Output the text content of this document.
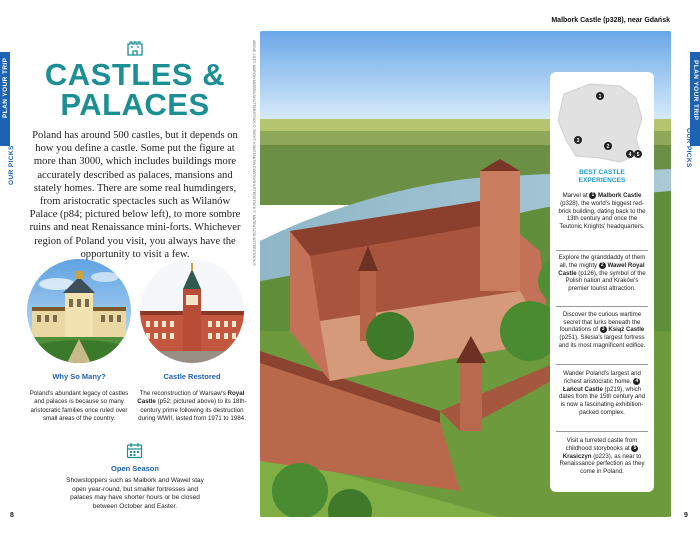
PLAN YOUR TRIP
OUR PICKS
PLAN YOUR TRIP
OUR PICKS
CASTLES &
PALACES
Poland has around 500 castles, but it depends on how you define a castle. Some put the figure at more than 3000, which includes buildings more accurately described as palaces, mansions and stately homes. There are some real humdingers, from aristocratic spectacles such as Wilanów Palace (p84; pictured below left), to more sombre ruins and neat Renaissance mini-forts. Whichever region of Poland you visit, you always have the opportunity to visit a few.
Why So Many?
Poland's abundant legacy of castles and palaces is because so many aristocratic families once ruled over small areas of the country.
Castle Restored
The reconstruction of Warsaw's Royal Castle (p52; pictured above) to its 18th-century prime following its destruction during WWII, lasted from 1971 to 1984.
Open Season
Showstoppers such as Malbork and Wawel stay open year-round, but smaller fortresses and palaces may have shorter hours or be closed between October and Easter.
8	9
Malbork Castle (p328), near Gdańsk
ABOVE: LEFT: MARCIN MIZERA/SHUTTERSTOCK ©, RIGHT: KONSTANTIN DORTO/SHUTTERSTOCK ©, MATEUSZ/SHUTTERSTOCK ©	1
3
2
4 5
BEST CASTLE
EXPERIENCES
Marvel at 1 Malbork Castle (p328), the world's biggest red-brick building, dating back to the 13th century and once the Teutonic Knights' headquarters.
Explore the granddaddy of them all, the mighty 2 Wawel Royal Castle (p126), the symbol of the Polish nation and Kraków's premier tourist attraction.
Discover the curious wartime secret that lurks beneath the foundations of 3 Książ Castle (p251), Silesia's largest fortress and its most magnificent edifice.
Wander Poland's largest and richest aristocratic home, 4 Łańcut Castle (p219), which dates from the 15th century and is now a fascinating exhibition-packed complex.
Visit a turreted castle from childhood storybooks at 5 Krasiczyn (p223), as near to Renaissance perfection as they come in Poland.
